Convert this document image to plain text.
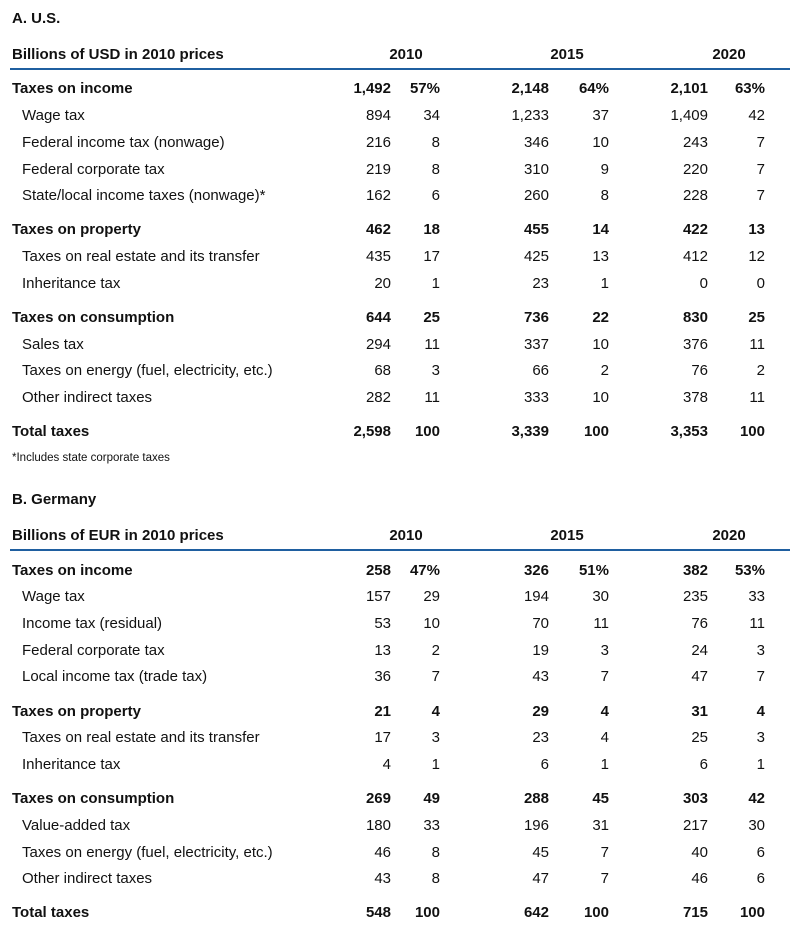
A. U.S.
Billions of USD in 2010 prices	2010	2015	2020
Taxes on income	1,492 57%	2,148 64%	2,101 63%
Wage tax	894 34	1,233	37	1,409	42
Federal income tax (nonwage)	216	8	346	10	243	7
Federal corporate tax	219	8	310	9	220	7
State/local income taxes (nonwage)*	162	6	260	8	228	7
Taxes on property	462 18	455	14	422	13
Taxes on real estate and its transfer	435 17	425	13	412	12
Inheritance tax	20	1	23	1	0	0
Taxes on consumption	644 25	736	22	830	25
Sales tax	294 11	337	10	376	11
Taxes on energy (fuel, electricity, etc.)	68	3	66	2	76	2
Other indirect taxes	282 11	333	10	378	11
Total taxes	2,598 100	3,339 100	3,353 100
*Includes state corporate taxes
B. Germany
Billions of EUR in 2010 prices	2010	2015	2020
Taxes on income	258 47%	326 51%	382 53%
Wage tax	157 29	194	30	235	33
Income tax (residual)	53 10	70	11	76	11
Federal corporate tax	13	2	19	3	24	3
Local income tax (trade tax)	36	7	43	7	47	7
Taxes on property	21	4	29	4	31	4
Taxes on real estate and its transfer	17	3	23	4	25	3
Inheritance tax	4	1	6	1	6	1
Taxes on consumption	269 49	288	45	303	42
Value-added tax	180 33	196	31	217	30
Taxes on energy (fuel, electricity, etc.)	46	8	45	7	40	6
Other indirect taxes	43	8	47	7	46	6
Total taxes	548 100	642 100	715 100
